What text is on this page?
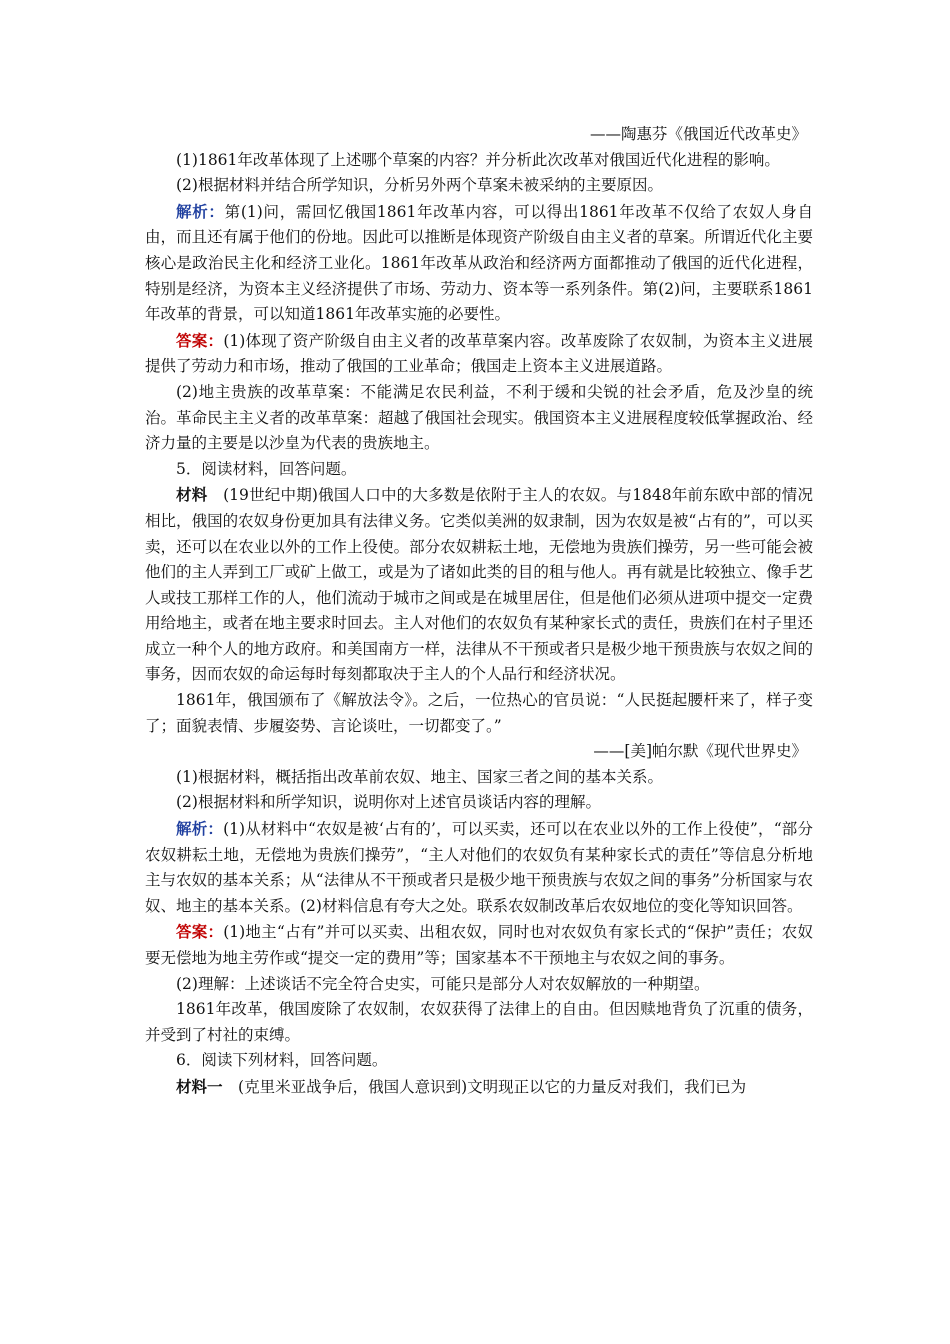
——陶惠芬《俄国近代改革史》

(1)1861年改革体现了上述哪个草案的内容？并分析此次改革对俄国近代化进程的影响。

(2)根据材料并结合所学知识，分析另外两个草案未被采纳的主要原因。

解析：第(1)问，需回忆俄国1861年改革内容，可以得出1861年改革不仅给了农奴人身自由，而且还有属于他们的份地。因此可以推断是体现资产阶级自由主义者的草案。所谓近代化主要核心是政治民主化和经济工业化。1861年改革从政治和经济两方面都推动了俄国的近代化进程，特别是经济，为资本主义经济提供了市场、劳动力、资本等一系列条件。第(2)问，主要联系1861年改革的背景，可以知道1861年改革实施的必要性。

答案：(1)体现了资产阶级自由主义者的改革草案内容。改革废除了农奴制，为资本主义进展提供了劳动力和市场，推动了俄国的工业革命；俄国走上资本主义进展道路。

(2)地主贵族的改革草案：不能满足农民利益，不利于缓和尖锐的社会矛盾，危及沙皇的统治。革命民主主义者的改革草案：超越了俄国社会现实。俄国资本主义进展程度较低掌握政治、经济力量的主要是以沙皇为代表的贵族地主。

5．阅读材料，回答问题。

材料　(19世纪中期)俄国人口中的大多数是依附于主人的农奴。与1848年前东欧中部的情况相比，俄国的农奴身份更加具有法律义务。它类似美洲的奴隶制，因为农奴是被“占有的”，可以买卖，还可以在农业以外的工作上役使。部分农奴耕耘土地，无偿地为贵族们操劳，另一些可能会被他们的主人弄到工厂或矿上做工，或是为了诸如此类的目的租与他人。再有就是比较独立、像手艺人或技工那样工作的人，他们流动于城市之间或是在城里居住，但是他们必须从进项中提交一定费用给地主，或者在地主要求时回去。主人对他们的农奴负有某种家长式的责任，贵族们在村子里还成立一种个人的地方政府。和美国南方一样，法律从不干预或者只是极少地干预贵族与农奴之间的事务，因而农奴的命运每时每刻都取决于主人的个人品行和经济状况。

1861年，俄国颁布了《解放法令》。之后，一位热心的官员说：“人民挺起腰杆来了，样子变了；面貌表情、步履姿势、言论谈吐，一切都变了。”

——[美]帕尔默《现代世界史》

(1)根据材料，概括指出改革前农奴、地主、国家三者之间的基本关系。

(2)根据材料和所学知识，说明你对上述官员谈话内容的理解。

解析：(1)从材料中“农奴是被‘占有的’，可以买卖，还可以在农业以外的工作上役使”，“部分农奴耕耘土地，无偿地为贵族们操劳”，“主人对他们的农奴负有某种家长式的责任”等信息分析地主与农奴的基本关系；从“法律从不干预或者只是极少地干预贵族与农奴之间的事务”分析国家与农奴、地主的基本关系。(2)材料信息有夸大之处。联系农奴制改革后农奴地位的变化等知识回答。

答案：(1)地主“占有”并可以买卖、出租农奴，同时也对农奴负有家长式的“保护”责任；农奴要无偿地为地主劳作或“提交一定的费用”等；国家基本不干预地主与农奴之间的事务。

(2)理解：上述谈话不完全符合史实，可能只是部分人对农奴解放的一种期望。

1861年改革，俄国废除了农奴制，农奴获得了法律上的自由。但因赎地背负了沉重的债务，并受到了村社的束缚。

6．阅读下列材料，回答问题。

材料一　(克里米亚战争后，俄国人意识到)文明现正以它的力量反对我们，我们已为
